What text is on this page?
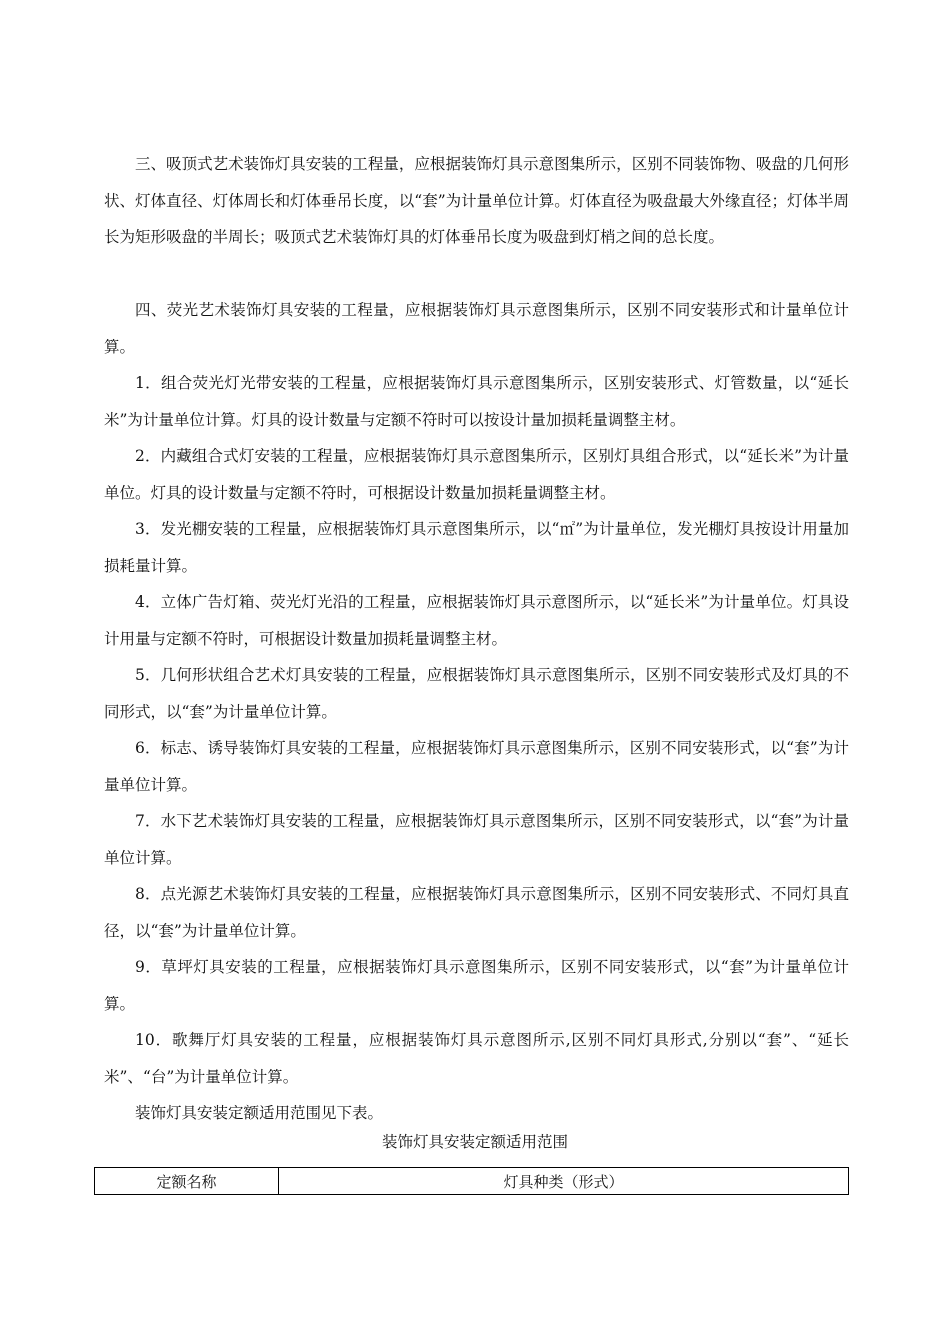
三、吸顶式艺术装饰灯具安装的工程量，应根据装饰灯具示意图集所示，区别不同装饰物、吸盘的几何形状、灯体直径、灯体周长和灯体垂吊长度，以“套”为计量单位计算。灯体直径为吸盘最大外缘直径；灯体半周长为矩形吸盘的半周长；吸顶式艺术装饰灯具的灯体垂吊长度为吸盘到灯梢之间的总长度。

四、荧光艺术装饰灯具安装的工程量，应根据装饰灯具示意图集所示，区别不同安装形式和计量单位计算。

1．组合荧光灯光带安装的工程量，应根据装饰灯具示意图集所示，区别安装形式、灯管数量，以“延长米”为计量单位计算。灯具的设计数量与定额不符时可以按设计量加损耗量调整主材。

2．内藏组合式灯安装的工程量，应根据装饰灯具示意图集所示，区别灯具组合形式，以“延长米”为计量单位。灯具的设计数量与定额不符时，可根据设计数量加损耗量调整主材。

3．发光棚安装的工程量，应根据装饰灯具示意图集所示，以“㎡”为计量单位，发光棚灯具按设计用量加损耗量计算。

4．立体广告灯箱、荧光灯光沿的工程量，应根据装饰灯具示意图所示，以“延长米”为计量单位。灯具设计用量与定额不符时，可根据设计数量加损耗量调整主材。

5．几何形状组合艺术灯具安装的工程量，应根据装饰灯具示意图集所示，区别不同安装形式及灯具的不同形式，以“套”为计量单位计算。

6．标志、诱导装饰灯具安装的工程量，应根据装饰灯具示意图集所示，区别不同安装形式，以“套”为计量单位计算。

7．水下艺术装饰灯具安装的工程量，应根据装饰灯具示意图集所示，区别不同安装形式，以“套”为计量单位计算。

8．点光源艺术装饰灯具安装的工程量，应根据装饰灯具示意图集所示，区别不同安装形式、不同灯具直径，以“套”为计量单位计算。

9．草坪灯具安装的工程量，应根据装饰灯具示意图集所示，区别不同安装形式，以“套”为计量单位计算。

10．歌舞厅灯具安装的工程量，应根据装饰灯具示意图所示,区别不同灯具形式,分别以“套”、“延长米”、“台”为计量单位计算。

装饰灯具安装定额适用范围见下表。

装饰灯具安装定额适用范围
定额名称	灯具种类（形式）
